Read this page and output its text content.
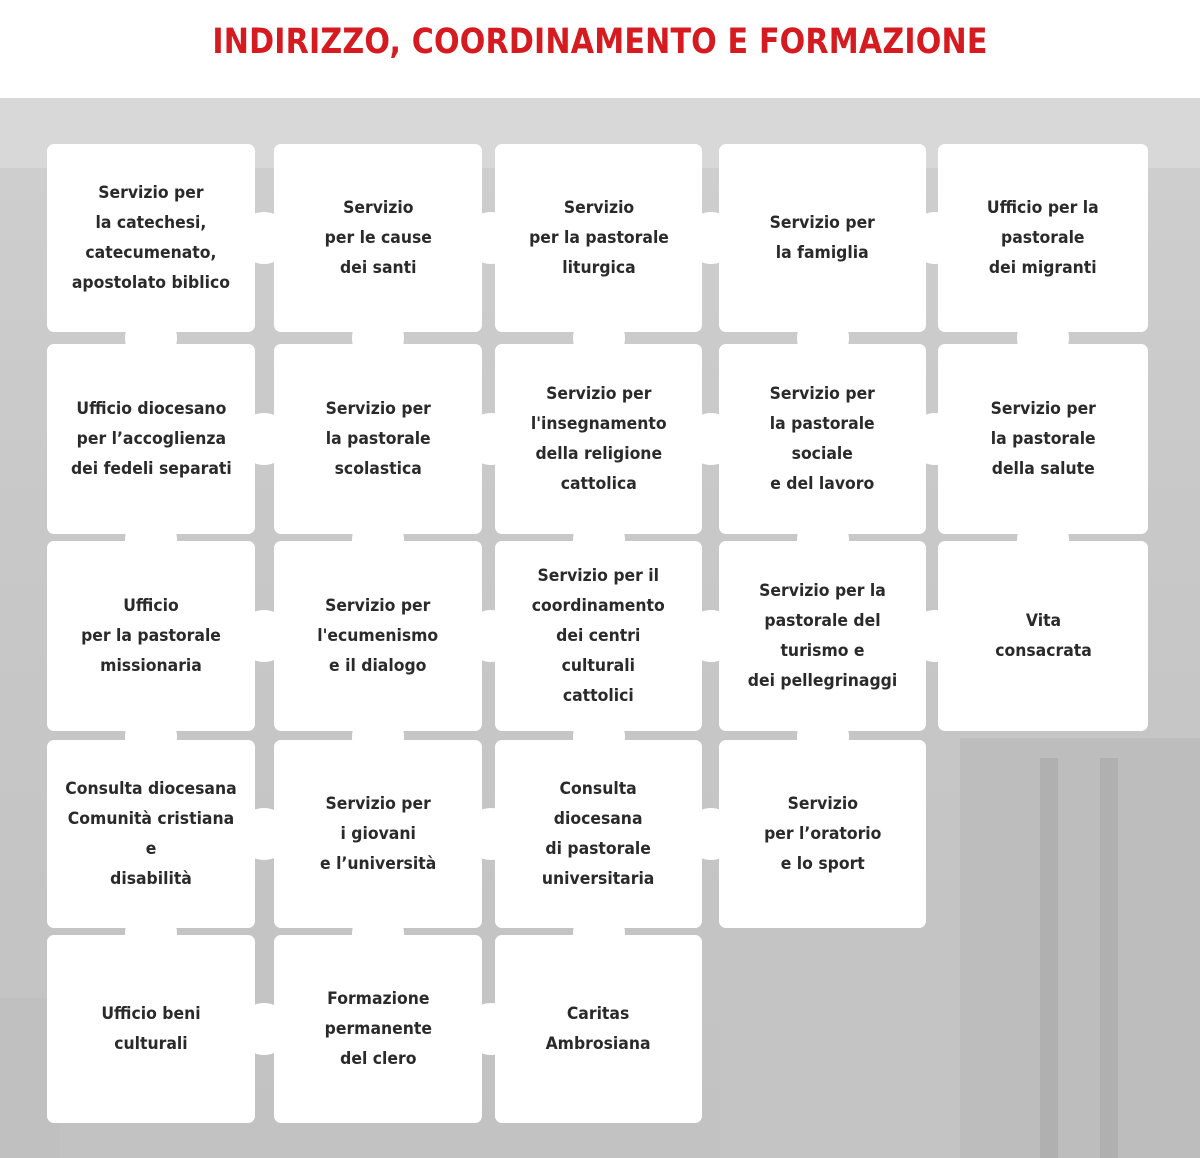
INDIRIZZO, COORDINAMENTO E FORMAZIONE
Servizio per
la catechesi,
catecumenato,
apostolato biblico
Servizio
per le cause
dei santi
Servizio
per la pastorale
liturgica
Servizio per
la famiglia
Ufficio per la
pastorale
dei migranti
Ufficio diocesano
per l’accoglienza
dei fedeli separati
Servizio per
la pastorale
scolastica
Servizio per
l'insegnamento
della religione
cattolica
Servizio per
la pastorale
sociale
e del lavoro
Servizio per
la pastorale
della salute
Ufficio
per la pastorale
missionaria
Servizio per
l'ecumenismo
e il dialogo
Servizio per il
coordinamento
dei centri
culturali
cattolici
Servizio per la
pastorale del turismo e
dei pellegrinaggi
Vita
consacrata
Consulta diocesana
Comunità cristiana e
disabilità
Servizio per
i giovani
e l’università
Consulta
diocesana
di pastorale
universitaria
Servizio
per l’oratorio
e lo sport
Ufficio beni
culturali
Formazione
permanente
del clero
Caritas
Ambrosiana
